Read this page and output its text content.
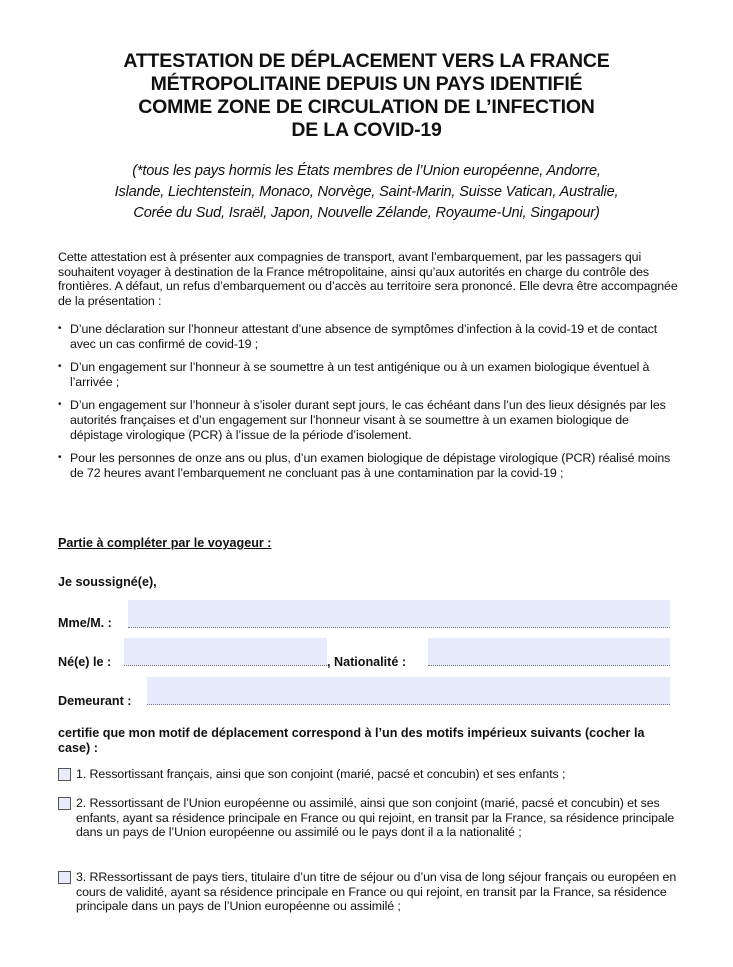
ATTESTATION DE DÉPLACEMENT VERS LA FRANCE
MÉTROPOLITAINE DEPUIS UN PAYS IDENTIFIÉ
COMME ZONE DE CIRCULATION DE L’INFECTION
DE LA COVID-19
(*tous les pays hormis les États membres de l’Union européenne, Andorre,
Islande, Liechtenstein, Monaco, Norvège, Saint-Marin, Suisse Vatican, Australie,
Corée du Sud, Israël, Japon, Nouvelle Zélande, Royaume-Uni, Singapour)
Cette attestation est à présenter aux compagnies de transport, avant l’embarquement, par les passagers qui souhaitent voyager à destination de la France métropolitaine, ainsi qu’aux autorités en charge du contrôle des frontières. A défaut, un refus d’embarquement ou d’accès au territoire sera prononcé. Elle devra être accompagnée de la présentation :
• D’une déclaration sur l’honneur attestant d’une absence de symptômes d’infection à la covid-19 et de contact avec un cas confirmé de covid-19 ;
• D’un engagement sur l’honneur à se soumettre à un test antigénique ou à un examen biologique éventuel à l’arrivée ;
• D’un engagement sur l’honneur à s’isoler durant sept jours, le cas échéant dans l’un des lieux désignés par les autorités françaises et d’un engagement sur l’honneur visant à se soumettre à un examen biologique de dépistage virologique (PCR) à l’issue de la période d’isolement.
• Pour les personnes de onze ans ou plus, d’un examen biologique de dépistage virologique (PCR) réalisé moins de 72 heures avant l’embarquement ne concluant pas à une contamination par la covid-19 ;
Partie à compléter par le voyageur :
Je soussigné(e),
Mme/M. :
Né(e) le :	, Nationalité :
Demeurant :
certifie que mon motif de déplacement correspond à l’un des motifs impérieux suivants (cocher la case) :
1. Ressortissant français, ainsi que son conjoint (marié, pacsé et concubin) et ses enfants ;
2. Ressortissant de l’Union européenne ou assimilé, ainsi que son conjoint (marié, pacsé et concubin) et ses enfants, ayant sa résidence principale en France ou qui rejoint, en transit par la France, sa résidence principale dans un pays de l’Union européenne ou assimilé ou le pays dont il a la nationalité ;
3. RRessortissant de pays tiers, titulaire d’un titre de séjour ou d’un visa de long séjour français ou européen en cours de validité, ayant sa résidence principale en France ou qui rejoint, en transit par la France, sa résidence principale dans un pays de l’Union européenne ou assimilé ;
